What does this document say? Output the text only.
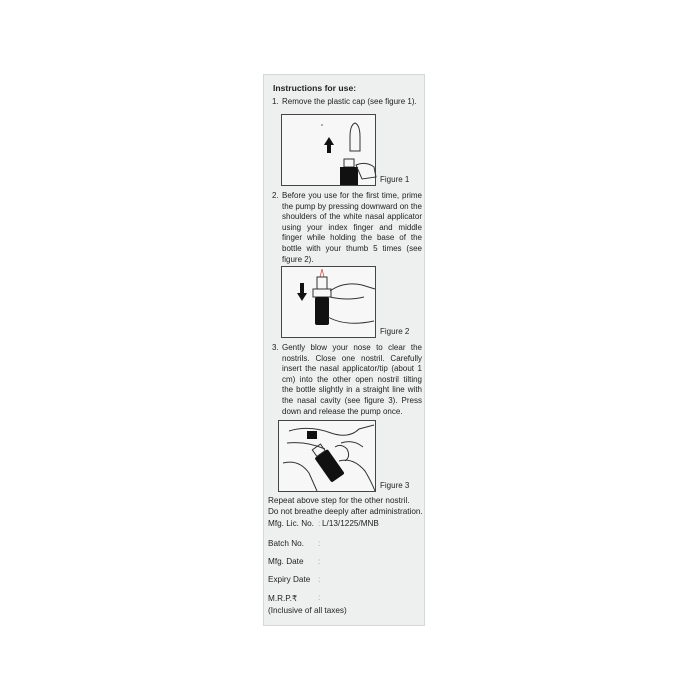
Instructions for use:
1. Remove the plastic cap (see figure 1).
Figure 1
2. Before you use for the first time, prime the pump by pressing downward on the shoulders of the white nasal applicator using your index finger and middle finger while holding the base of the bottle with your thumb 5 times (see figure 2).
Figure 2
3. Gently blow your nose to clear the nostrils. Close one nostril. Carefully insert the nasal applicator/tip (about 1 cm) into the other open nostril tilting the bottle slightly in a straight line with the nasal cavity (see figure 3). Press down and release the pump once.
Figure 3
Repeat above step for the other nostril.
Do not breathe deeply after administration.
Mfg. Lic. No. : L/13/1225/MNB
Batch No. :
Mfg. Date :
Expiry Date :
M.R.P.₹	:
(Inclusive of all taxes)
